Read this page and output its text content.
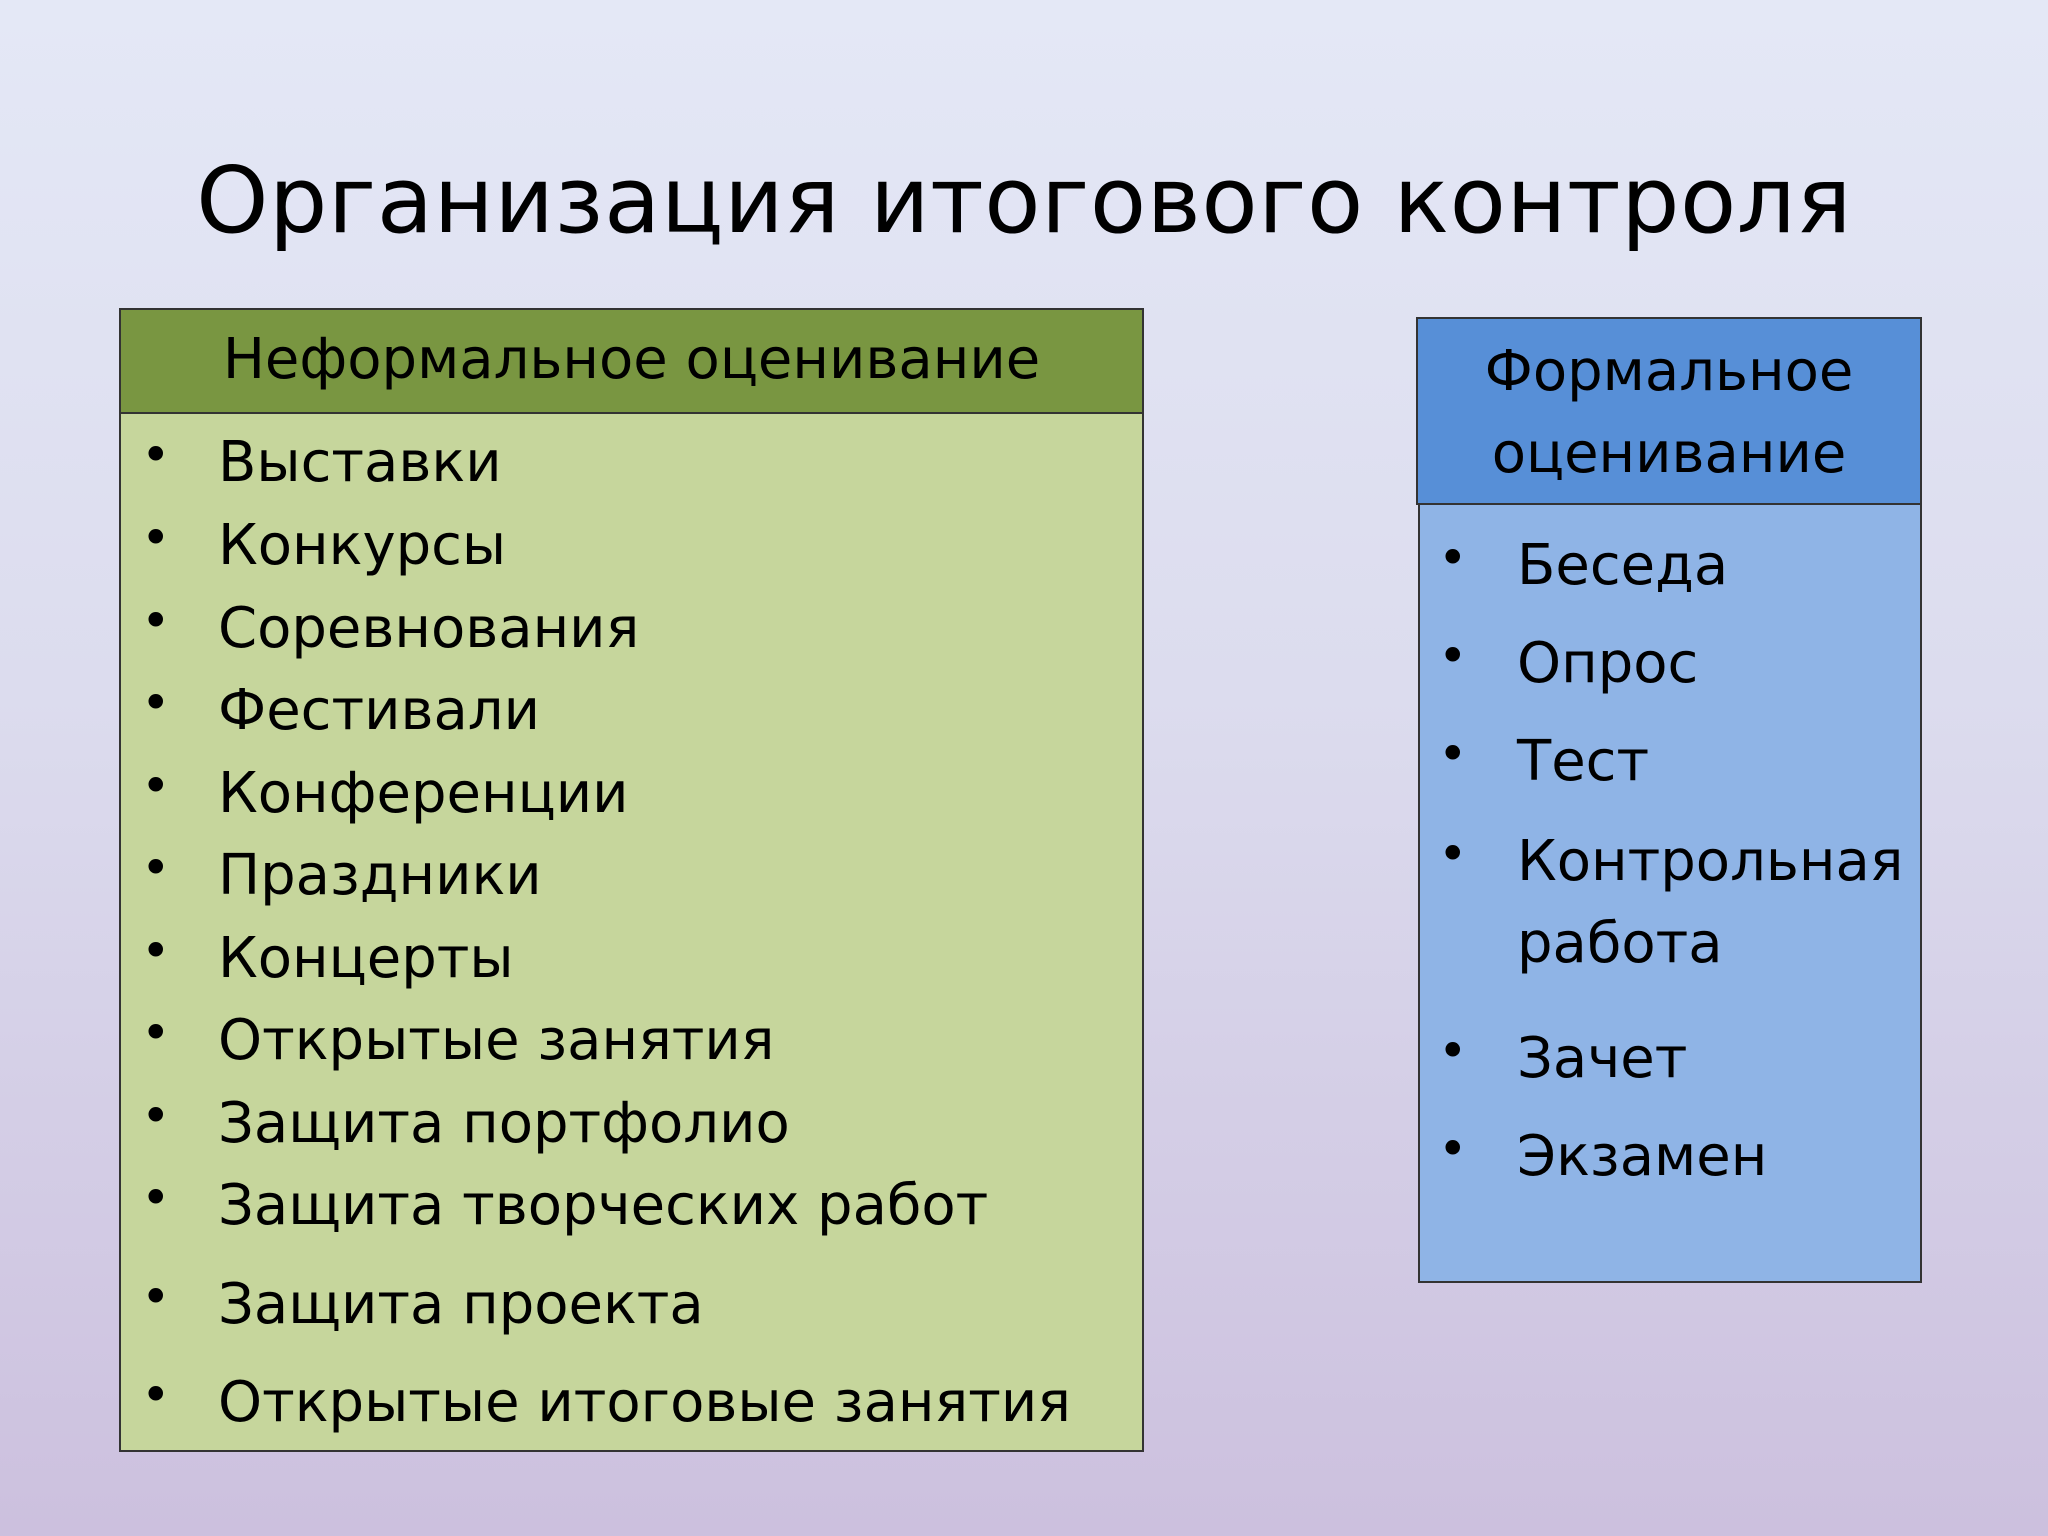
Организация итогового контроля
Неформальное оценивание
• Выставки
• Конкурсы
• Соревнования
• Фестивали
• Конференции
• Праздники
• Концерты
• Открытые занятия
• Защита портфолио
• Защита творческих работ
• Защита проекта
• Открытые итоговые занятия
Формальное
оценивание
• Беседа
• Опрос
• Тест
• Контрольная
работа
• Зачет
• Экзамен
